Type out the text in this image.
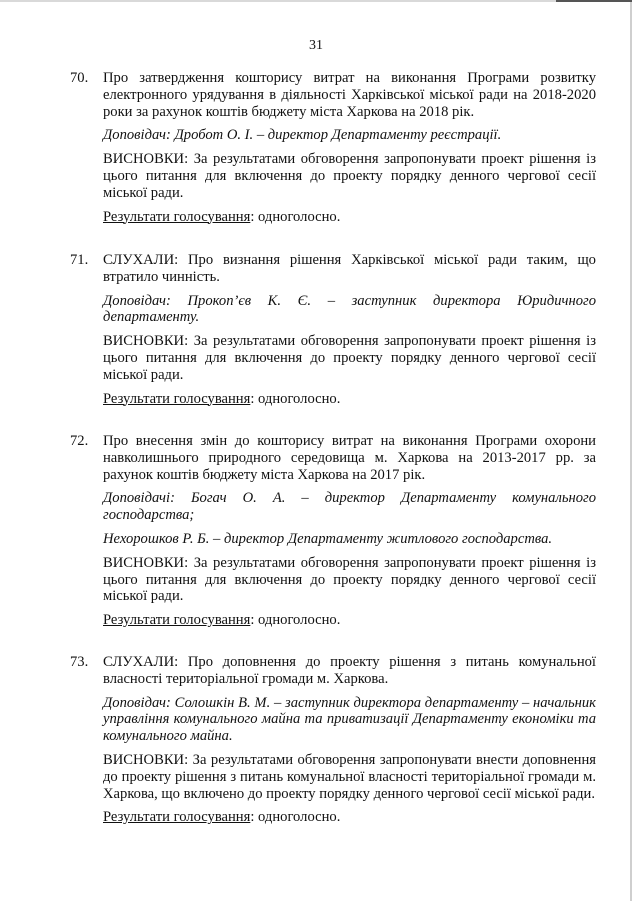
31

70. Про затвердження кошторису витрат на виконання Програми розвитку електронного урядування в діяльності Харківської міської ради на 2018-2020 роки за рахунок коштів бюджету міста Харкова на 2018 рік.

Доповідач: Дробот О. І. – директор Департаменту реєстрації.

ВИСНОВКИ: За результатами обговорення запропонувати проект рішення із цього питання для включення до проекту порядку денного чергової сесії міської ради.

Результати голосування: одноголосно.

71. СЛУХАЛИ: Про визнання рішення Харківської міської ради таким, що втратило чинність.

Доповідач: Прокоп’єв К. Є. – заступник директора Юридичного департаменту.

ВИСНОВКИ: За результатами обговорення запропонувати проект рішення із цього питання для включення до проекту порядку денного чергової сесії міської ради.

Результати голосування: одноголосно.

72. Про внесення змін до кошторису витрат на виконання Програми охорони навколишнього природного середовища м. Харкова на 2013-2017 рр. за рахунок коштів бюджету міста Харкова на 2017 рік.

Доповідачі: Богач О. А. – директор Департаменту комунального господарства;

Нехорошков Р. Б. – директор Департаменту житлового господарства.

ВИСНОВКИ: За результатами обговорення запропонувати проект рішення із цього питання для включення до проекту порядку денного чергової сесії міської ради.

Результати голосування: одноголосно.

73. СЛУХАЛИ: Про доповнення до проекту рішення з питань комунальної власності територіальної громади м. Харкова.

Доповідач: Солошкін В. М. – заступник директора департаменту – начальник управління комунального майна та приватизації Департаменту економіки та комунального майна.

ВИСНОВКИ: За результатами обговорення запропонувати внести доповнення до проекту рішення з питань комунальної власності територіальної громади м. Харкова, що включено до проекту порядку денного чергової сесії міської ради.

Результати голосування: одноголосно.
